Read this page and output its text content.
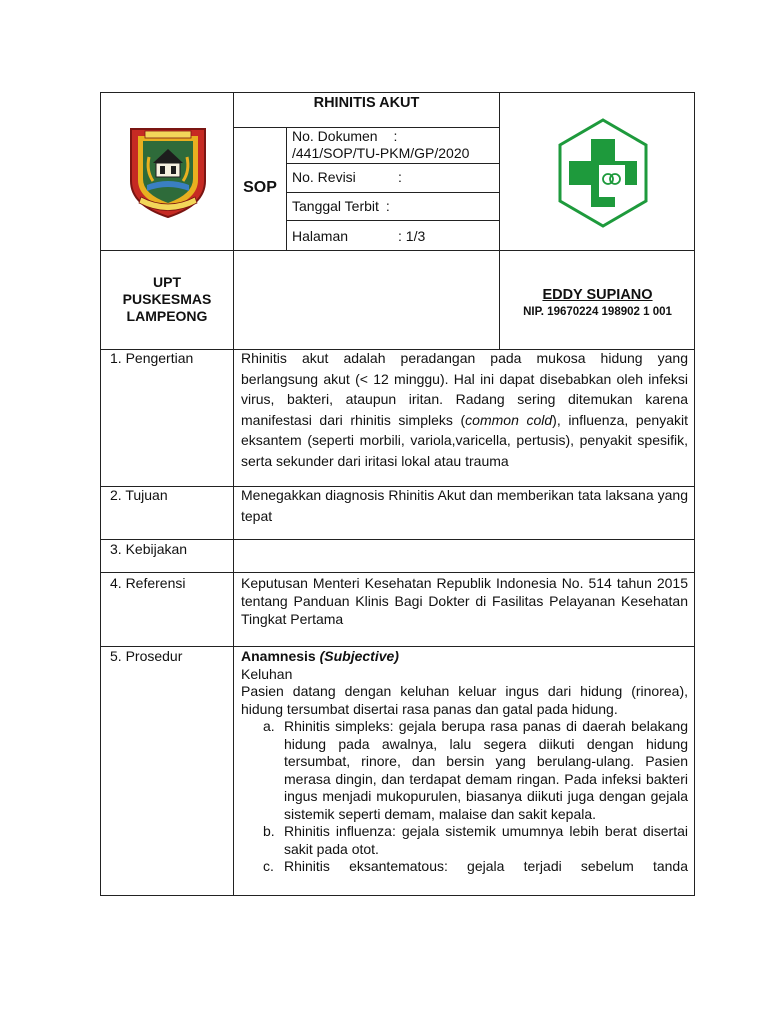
RHINITIS AKUT
SOP
No. Dokumen :
/441/SOP/TU-PKM/GP/2020
No. Revisi	:
Tanggal Terbit :
Halaman	: 1/3
UPT
PUSKESMAS
LAMPEONG
EDDY SUPIANO
NIP. 19670224 198902 1 001
1. Pengertian	Rhinitis akut adalah peradangan pada mukosa hidung yang berlangsung akut (< 12 minggu). Hal ini dapat disebabkan oleh infeksi virus, bakteri, ataupun iritan. Radang sering ditemukan karena manifestasi dari rhinitis simpleks (common cold), influenza, penyakit eksantem (seperti morbili, variola,varicella, pertusis), penyakit spesifik, serta sekunder dari iritasi lokal atau trauma
2. Tujuan	Menegakkan diagnosis Rhinitis Akut dan memberikan tata laksana yang tepat
3. Kebijakan
4. Referensi	Keputusan Menteri Kesehatan Republik Indonesia No. 514 tahun 2015 tentang Panduan Klinis Bagi Dokter di Fasilitas Pelayanan Kesehatan Tingkat Pertama
5. Prosedur	Anamnesis (Subjective)
Keluhan
Pasien datang dengan keluhan keluar ingus dari hidung (rinorea), hidung tersumbat disertai rasa panas dan gatal pada hidung.
a. Rhinitis simpleks: gejala berupa rasa panas di daerah belakang hidung pada awalnya, lalu segera diikuti dengan hidung tersumbat, rinore, dan bersin yang berulang-ulang. Pasien merasa dingin, dan terdapat demam ringan. Pada infeksi bakteri ingus menjadi mukopurulen, biasanya diikuti juga dengan gejala sistemik seperti demam, malaise dan sakit kepala.
b. Rhinitis influenza: gejala sistemik umumnya lebih berat disertai sakit pada otot.
c. Rhinitis eksantematous: gejala terjadi sebelum tanda
